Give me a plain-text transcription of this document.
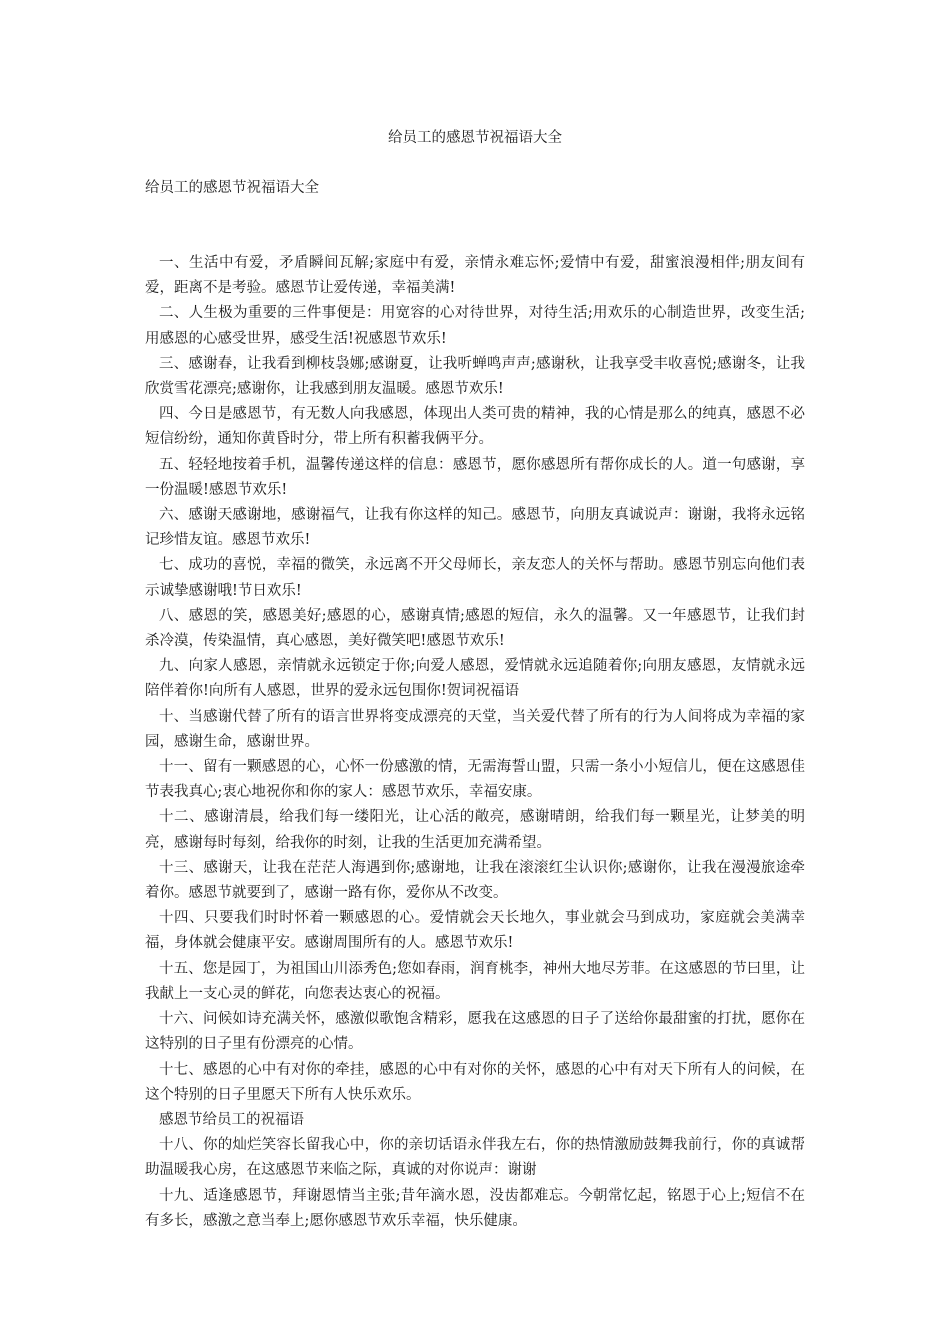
给员工的感恩节祝福语大全

给员工的感恩节祝福语大全

一、生活中有爱，矛盾瞬间瓦解;家庭中有爱，亲情永难忘怀;爱情中有爱，甜蜜浪漫相伴;朋友间有爱，距离不是考验。感恩节让爱传递，幸福美满!

二、人生极为重要的三件事便是：用宽容的心对待世界，对待生活;用欢乐的心制造世界，改变生活;用感恩的心感受世界，感受生活!祝感恩节欢乐!

三、感谢春，让我看到柳枝袅娜;感谢夏，让我听蝉鸣声声;感谢秋，让我享受丰收喜悦;感谢冬，让我欣赏雪花漂亮;感谢你，让我感到朋友温暖。感恩节欢乐!

四、今日是感恩节，有无数人向我感恩，体现出人类可贵的精神，我的心情是那么的纯真，感恩不必短信纷纷，通知你黄昏时分，带上所有积蓄我俩平分。

五、轻轻地按着手机，温馨传递这样的信息：感恩节，愿你感恩所有帮你成长的人。道一句感谢，享一份温暖!感恩节欢乐!

六、感谢天感谢地，感谢福气，让我有你这样的知己。感恩节，向朋友真诚说声：谢谢，我将永远铭记珍惜友谊。感恩节欢乐!

七、成功的喜悦，幸福的微笑，永远离不开父母师长，亲友恋人的关怀与帮助。感恩节别忘向他们表示诚挚感谢哦!节日欢乐!

八、感恩的笑，感恩美好;感恩的心，感谢真情;感恩的短信，永久的温馨。又一年感恩节，让我们封杀冷漠，传染温情，真心感恩，美好微笑吧!感恩节欢乐!

九、向家人感恩，亲情就永远锁定于你;向爱人感恩，爱情就永远追随着你;向朋友感恩，友情就永远陪伴着你!向所有人感恩，世界的爱永远包围你!贺词祝福语

十、当感谢代替了所有的语言世界将变成漂亮的天堂，当关爱代替了所有的行为人间将成为幸福的家园，感谢生命，感谢世界。

十一、留有一颗感恩的心，心怀一份感激的情，无需海誓山盟，只需一条小小短信儿，便在这感恩佳节表我真心;衷心地祝你和你的家人：感恩节欢乐，幸福安康。

十二、感谢清晨，给我们每一缕阳光，让心活的敞亮，感谢晴朗，给我们每一颗星光，让梦美的明亮，感谢每时每刻，给我你的时刻，让我的生活更加充满希望。

十三、感谢天，让我在茫茫人海遇到你;感谢地，让我在滚滚红尘认识你;感谢你，让我在漫漫旅途牵着你。感恩节就要到了，感谢一路有你，爱你从不改变。

十四、只要我们时时怀着一颗感恩的心。爱情就会天长地久，事业就会马到成功，家庭就会美满幸福，身体就会健康平安。感谢周围所有的人。感恩节欢乐!

十五、您是园丁，为祖国山川添秀色;您如春雨，润育桃李，神州大地尽芳菲。在这感恩的节曰里，让我献上一支心灵的鲜花，向您表达衷心的祝福。

十六、问候如诗充满关怀，感激似歌饱含精彩，愿我在这感恩的日子了送给你最甜蜜的打扰，愿你在这特别的日子里有份漂亮的心情。

十七、感恩的心中有对你的牵挂，感恩的心中有对你的关怀，感恩的心中有对天下所有人的问候，在这个特别的日子里愿天下所有人快乐欢乐。

感恩节给员工的祝福语

十八、你的灿烂笑容长留我心中，你的亲切话语永伴我左右，你的热情激励鼓舞我前行，你的真诚帮助温暖我心房，在这感恩节来临之际，真诚的对你说声：谢谢

十九、适逢感恩节，拜谢恩情当主张;昔年滴水恩，没齿都难忘。今朝常忆起，铭恩于心上;短信不在有多长，感激之意当奉上;愿你感恩节欢乐幸福，快乐健康。
